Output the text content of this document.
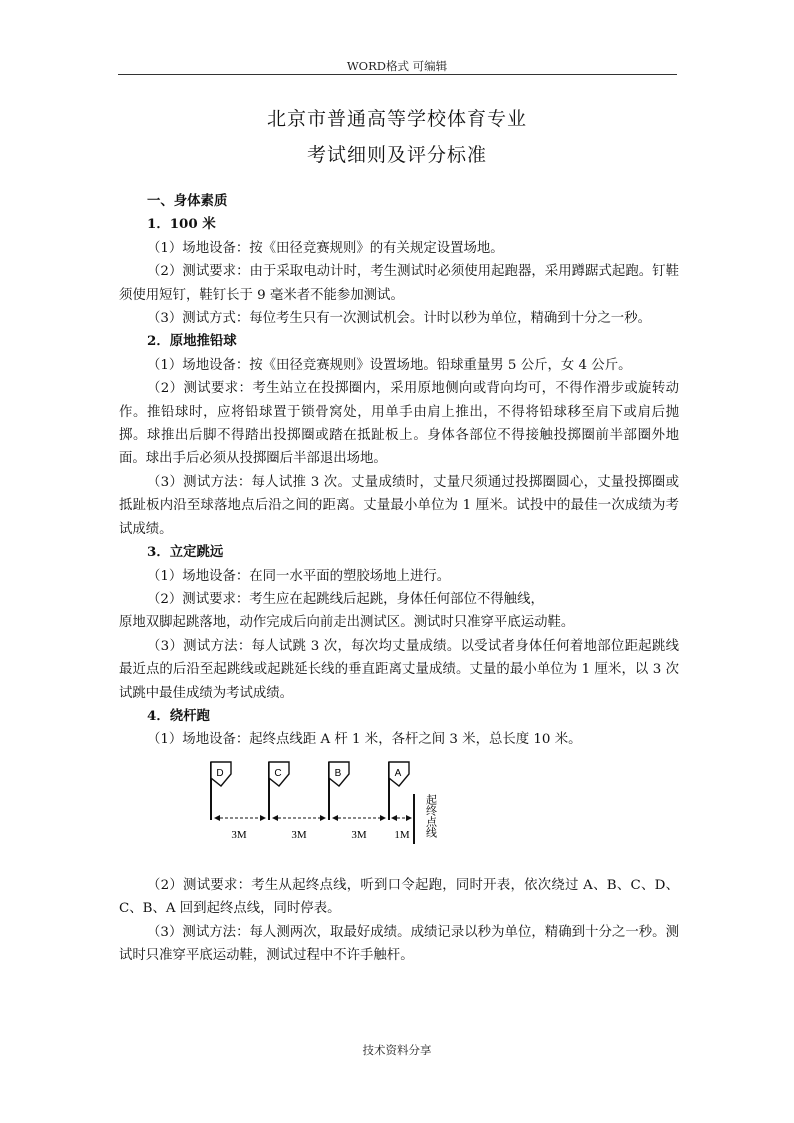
WORD格式 可编辑
北京市普通高等学校体育专业
考试细则及评分标准

一、身体素质

1．100 米

（1）场地设备：按《田径竞赛规则》的有关规定设置场地。

（2）测试要求：由于采取电动计时，考生测试时必须使用起跑器，采用蹲踞式起跑。钉鞋须使用短钉，鞋钉长于 9 毫米者不能参加测试。

（3）测试方式：每位考生只有一次测试机会。计时以秒为单位，精确到十分之一秒。

2．原地推铅球

（1）场地设备：按《田径竞赛规则》设置场地。铅球重量男 5 公斤，女 4 公斤。

（2）测试要求：考生站立在投掷圈内，采用原地侧向或背向均可，不得作滑步或旋转动作。推铅球时，应将铅球置于锁骨窝处，用单手由肩上推出，不得将铅球移至肩下或肩后抛掷。球推出后脚不得踏出投掷圈或踏在抵趾板上。身体各部位不得接触投掷圈前半部圈外地面。球出手后必须从投掷圈后半部退出场地。

（3）测试方法：每人试推 3 次。丈量成绩时，丈量尺须通过投掷圈圆心，丈量投掷圈或抵趾板内沿至球落地点后沿之间的距离。丈量最小单位为 1 厘米。试投中的最佳一次成绩为考试成绩。

3．立定跳远

（1）场地设备：在同一水平面的塑胶场地上进行。

（2）测试要求：考生应在起跳线后起跳，身体任何部位不得触线，

原地双脚起跳落地，动作完成后向前走出测试区。测试时只准穿平底运动鞋。

（3）测试方法：每人试跳 3 次，每次均丈量成绩。以受试者身体任何着地部位距起跳线最近点的后沿至起跳线或起跳延长线的垂直距离丈量成绩。丈量的最小单位为 1 厘米，以 3 次试跳中最佳成绩为考试成绩。

4．绕杆跑

（1）场地设备：起终点线距 A 杆 1 米，各杆之间 3 米，总长度 10 米。

D	C	B	A
起终点线
3M	3M	3M	1M

（2）测试要求：考生从起终点线，听到口令起跑，同时开表，依次绕过 A、B、C、D、C、B、A 回到起终点线，同时停表。

（3）测试方法：每人测两次，取最好成绩。成绩记录以秒为单位，精确到十分之一秒。测试时只准穿平底运动鞋，测试过程中不许手触杆。

技术资料分享
